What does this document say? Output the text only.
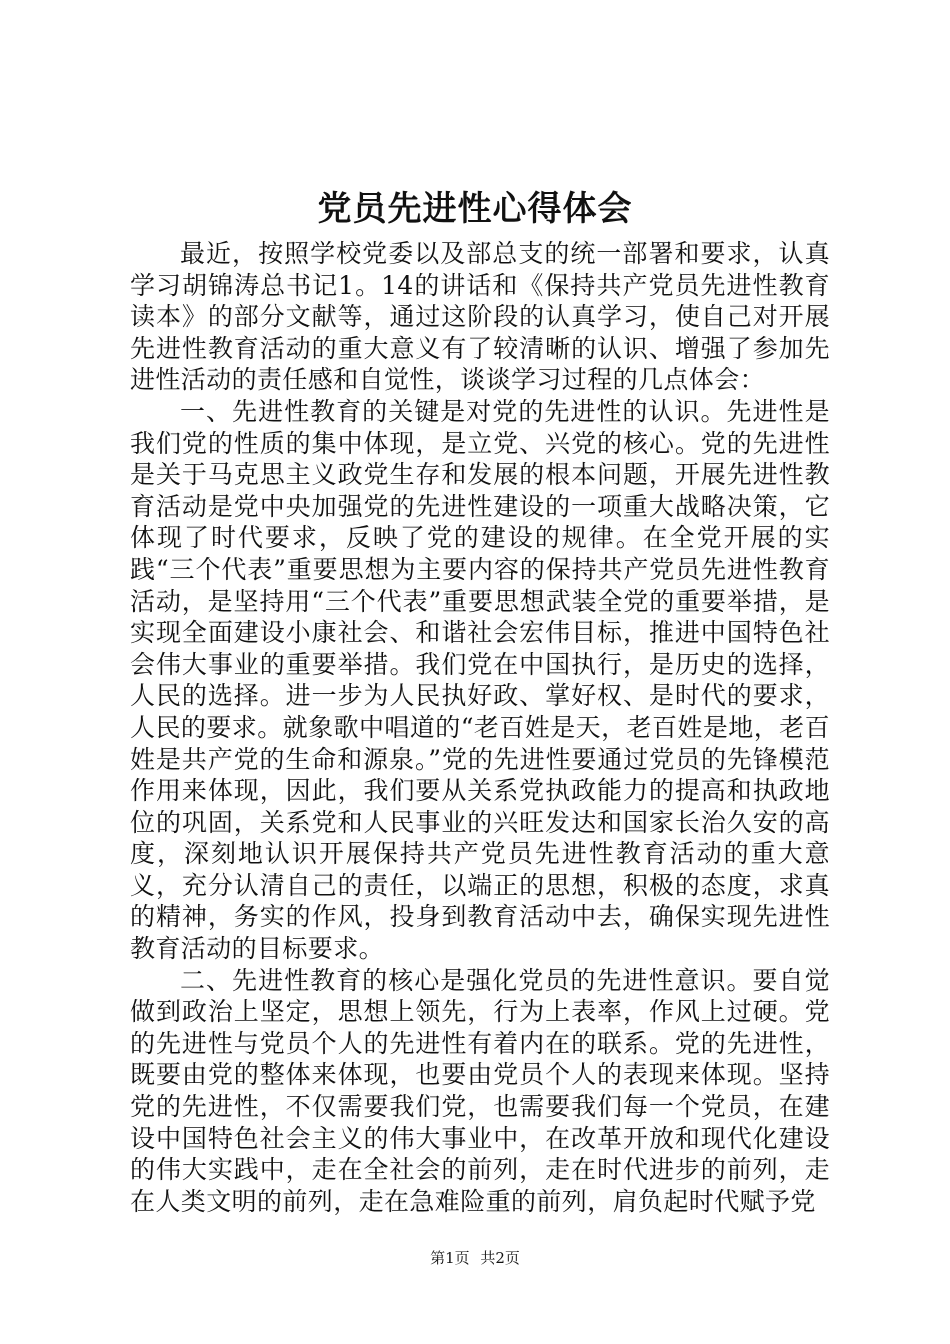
党员先进性心得体会

最近，按照学校党委以及部总支的统一部署和要求，认真学习胡锦涛总书记1。14的讲话和《保持共产党员先进性教育读本》的部分文献等，通过这阶段的认真学习，使自己对开展先进性教育活动的重大意义有了较清晰的认识、增强了参加先进性活动的责任感和自觉性，谈谈学习过程的几点体会：

一、先进性教育的关键是对党的先进性的认识。先进性是我们党的性质的集中体现，是立党、兴党的核心。党的先进性是关于马克思主义政党生存和发展的根本问题，开展先进性教育活动是党中央加强党的先进性建设的一项重大战略决策，它体现了时代要求，反映了党的建设的规律。在全党开展的实践“三个代表”重要思想为主要内容的保持共产党员先进性教育活动，是坚持用“三个代表”重要思想武装全党的重要举措，是实现全面建设小康社会、和谐社会宏伟目标，推进中国特色社会伟大事业的重要举措。我们党在中国执行，是历史的选择，人民的选择。进一步为人民执好政、掌好权、是时代的要求，人民的要求。就象歌中唱道的“老百姓是天，老百姓是地，老百姓是共产党的生命和源泉。”党的先进性要通过党员的先锋模范作用来体现，因此，我们要从关系党执政能力的提高和执政地位的巩固，关系党和人民事业的兴旺发达和国家长治久安的高度，深刻地认识开展保持共产党员先进性教育活动的重大意义，充分认清自己的责任，以端正的思想，积极的态度，求真的精神，务实的作风，投身到教育活动中去，确保实现先进性教育活动的目标要求。

二、先进性教育的核心是强化党员的先进性意识。要自觉做到政治上坚定，思想上领先，行为上表率，作风上过硬。党的先进性与党员个人的先进性有着内在的联系。党的先进性，既要由党的整体来体现，也要由党员个人的表现来体现。坚持党的先进性，不仅需要我们党，也需要我们每一个党员，在建设中国特色社会主义的伟大事业中，在改革开放和现代化建设的伟大实践中，走在全社会的前列，走在时代进步的前列，走在人类文明的前列，走在急难险重的前列，肩负起时代赋予党

第1页 共2页
